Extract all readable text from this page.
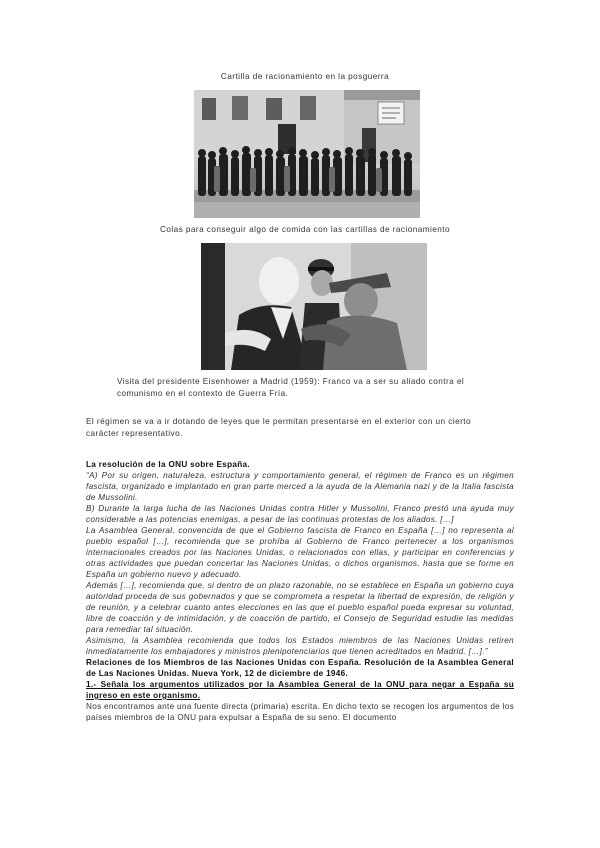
Cartilla de racionamiento en la posguerra
Colas para conseguir algo de comida con las cartillas de racionamiento
Visita del presidente Eisenhower a Madrid (1959): Franco va a ser su aliado contra el
comunismo en el contexto de Guerra Fría.
El régimen se va a ir dotando de leyes que le permitan presentarse en el exterior con un cierto
carácter representativo.

La resolución de la ONU sobre España.

“A) Por su origen, naturaleza, estructura y comportamiento general, el régimen de Franco es un régimen fascista, organizado e implantado en gran parte merced a la ayuda de la Alemania nazi y de la Italia fascista de Mussolini.

B) Durante la larga lucha de las Naciones Unidas contra Hitler y Mussolini, Franco prestó una ayuda muy considerable a las potencias enemigas, a pesar de las continuas protestas de los aliados. […]

La Asamblea General, convencida de que el Gobierno fascista de Franco en España […] no representa al pueblo español […], recomienda que se prohíba al Gobierno de Franco pertenecer a los organismos internacionales creados por las Naciones Unidas, o relacionados con ellas, y participar en conferencias y otras actividades que puedan concertar las Naciones Unidas, o dichos organismos, hasta que se forme en España un gobierno nuevo y adecuado.

Además […], recomienda que, si dentro de un plazo razonable, no se establece en España un gobierno cuya autoridad proceda de sus gobernados y que se comprometa a respetar la libertad de expresión, de religión y de reunión, y a celebrar cuanto antes elecciones en las que el pueblo español pueda expresar su voluntad, libre de coacción y de intimidación, y de coacción de partido, el Consejo de Seguridad estudie las medidas para remediar tal situación.

Asimismo, la Asamblea recomienda que todos los Estados miembros de las Naciones Unidas retiren inmediatamente los embajadores y ministros plenipotenciarios que tienen acreditados en Madrid. […].”

Relaciones de los Miembros de las Naciones Unidas con España. Resolución de la Asamblea General de Las Naciones Unidas. Nueva York, 12 de diciembre de 1946.

1.- Señala los argumentos utilizados por la Asamblea General de la ONU para negar a España su ingreso en este organismo.

Nos encontramos ante una fuente directa (primaria) escrita. En dicho texto se recogen los argumentos de los países miembros de la ONU para expulsar a España de su seno. El documento
